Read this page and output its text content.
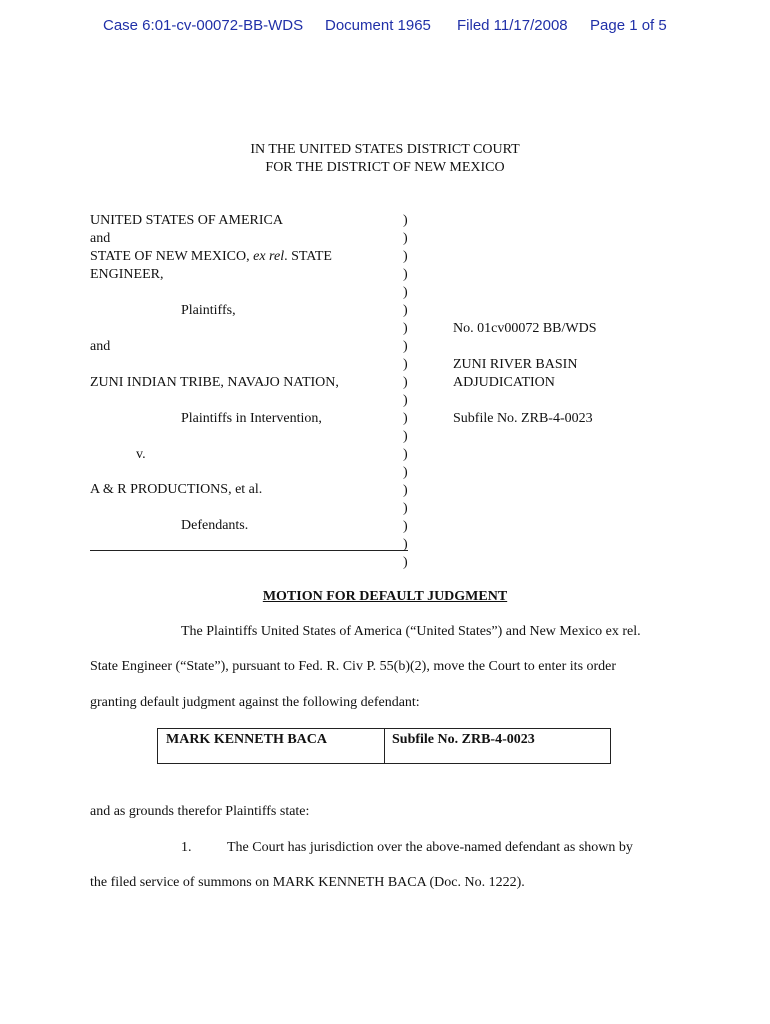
Case 6:01-cv-00072-BB-WDS Document 1965 Filed 11/17/2008 Page 1 of 5
IN THE UNITED STATES DISTRICT COURT
FOR THE DISTRICT OF NEW MEXICO
UNITED STATES OF AMERICA
and
STATE OF NEW MEXICO, ex rel. STATE
ENGINEER,
Plaintiffs,
and
ZUNI INDIAN TRIBE, NAVAJO NATION,
Plaintiffs in Intervention,
v.
A & R PRODUCTIONS, et al.
Defendants.
)
)
)
)
)
)
)
)
)
)
)
)
)
)
)
)
)
)
)
)
No. 01cv00072 BB/WDS
ZUNI RIVER BASIN
ADJUDICATION
Subfile No. ZRB-4-0023
MOTION FOR DEFAULT JUDGMENT
The Plaintiffs United States of America (“United States”) and New Mexico ex rel.
State Engineer (“State”), pursuant to Fed. R. Civ P. 55(b)(2), move the Court to enter its order
granting default judgment against the following defendant:
MARK KENNETH BACA	Subfile No. ZRB-4-0023
and as grounds therefor Plaintiffs state:
1.	The Court has jurisdiction over the above-named defendant as shown by
the filed service of summons on MARK KENNETH BACA (Doc. No. 1222).
